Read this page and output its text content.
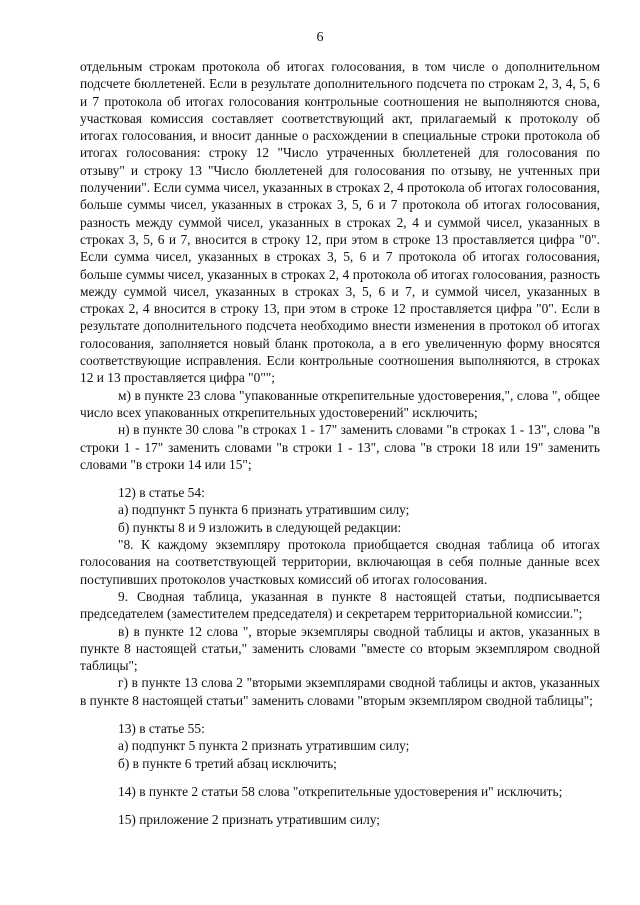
6

отдельным строкам протокола об итогах голосования, в том числе о дополнительном подсчете бюллетеней. Если в результате дополнительного подсчета по строкам 2, 3, 4, 5, 6 и 7 протокола об итогах голосования контрольные соотношения не выполняются снова, участковая комиссия составляет соответствующий акт, прилагаемый к протоколу об итогах голосования, и вносит данные о расхождении в специальные строки протокола об итогах голосования: строку 12 "Число утраченных бюллетеней для голосования по отзыву" и строку 13 "Число бюллетеней для голосования по отзыву, не учтенных при получении". Если сумма чисел, указанных в строках 2, 4 протокола об итогах голосования, больше суммы чисел, указанных в строках 3, 5, 6 и 7 протокола об итогах голосования, разность между суммой чисел, указанных в строках 2, 4 и суммой чисел, указанных в строках 3, 5, 6 и 7, вносится в строку 12, при этом в строке 13 проставляется цифра "0". Если сумма чисел, указанных в строках 3, 5, 6 и 7 протокола об итогах голосования, больше суммы чисел, указанных в строках 2, 4 протокола об итогах голосования, разность между суммой чисел, указанных в строках 3, 5, 6 и 7, и суммой чисел, указанных в строках 2, 4 вносится в строку 13, при этом в строке 12 проставляется цифра "0". Если в результате дополнительного подсчета необходимо внести изменения в протокол об итогах голосования, заполняется новый бланк протокола, а в его увеличенную форму вносятся соответствующие исправления. Если контрольные соотношения выполняются, в строках 12 и 13 проставляется цифра "0"";

м) в пункте 23 слова "упакованные открепительные удостоверения,", слова ", общее число всех упакованных открепительных удостоверений" исключить;

н) в пункте 30 слова "в строках 1 - 17" заменить словами "в строках 1 - 13", слова "в строки 1 - 17" заменить словами "в строки 1 - 13", слова "в строки 18 или 19" заменить словами "в строки 14 или 15";

12) в статье 54:

а) подпункт 5 пункта 6 признать утратившим силу;

б) пункты 8 и 9 изложить в следующей редакции:

"8. К каждому экземпляру протокола приобщается сводная таблица об итогах голосования на соответствующей территории, включающая в себя полные данные всех поступивших протоколов участковых комиссий об итогах голосования.

9. Сводная таблица, указанная в пункте 8 настоящей статьи, подписывается председателем (заместителем председателя) и секретарем территориальной комиссии.";

в) в пункте 12 слова ", вторые экземпляры сводной таблицы и актов, указанных в пункте 8 настоящей статьи," заменить словами "вместе со вторым экземпляром сводной таблицы";

г) в пункте 13 слова 2 "вторыми экземплярами сводной таблицы и актов, указанных в пункте 8 настоящей статьи" заменить словами "вторым экземпляром сводной таблицы";

13) в статье 55:

а) подпункт 5 пункта 2 признать утратившим силу;

б) в пункте 6 третий абзац исключить;

14) в пункте 2 статьи 58 слова "открепительные удостоверения и" исключить;

15) приложение 2 признать утратившим силу;
